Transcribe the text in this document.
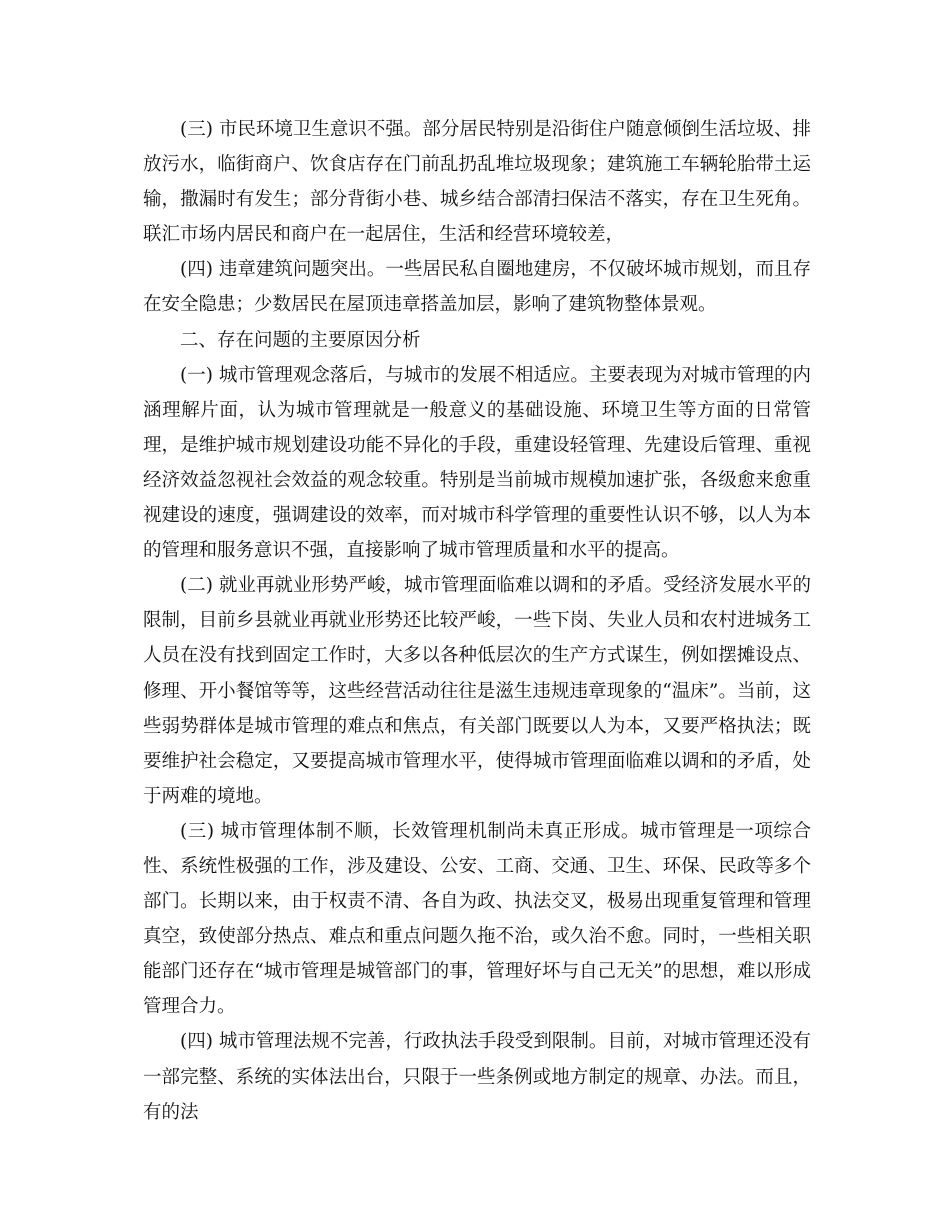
(三) 市民环境卫生意识不强。部分居民特别是沿街住户随意倾倒生活垃圾、排放污水，临街商户、饮食店存在门前乱扔乱堆垃圾现象；建筑施工车辆轮胎带土运输，撒漏时有发生；部分背街小巷、城乡结合部清扫保洁不落实，存在卫生死角。联汇市场内居民和商户在一起居住，生活和经营环境较差，

(四) 违章建筑问题突出。一些居民私自圈地建房，不仅破坏城市规划，而且存在安全隐患；少数居民在屋顶违章搭盖加层，影响了建筑物整体景观。

二、存在问题的主要原因分析

(一) 城市管理观念落后，与城市的发展不相适应。主要表现为对城市管理的内涵理解片面，认为城市管理就是一般意义的基础设施、环境卫生等方面的日常管理，是维护城市规划建设功能不异化的手段，重建设轻管理、先建设后管理、重视经济效益忽视社会效益的观念较重。特别是当前城市规模加速扩张，各级愈来愈重视建设的速度，强调建设的效率，而对城市科学管理的重要性认识不够，以人为本的管理和服务意识不强，直接影响了城市管理质量和水平的提高。

(二) 就业再就业形势严峻，城市管理面临难以调和的矛盾。受经济发展水平的限制，目前乡县就业再就业形势还比较严峻，一些下岗、失业人员和农村进城务工人员在没有找到固定工作时，大多以各种低层次的生产方式谋生，例如摆摊设点、修理、开小餐馆等等，这些经营活动往往是滋生违规违章现象的“温床”。当前，这些弱势群体是城市管理的难点和焦点，有关部门既要以人为本，又要严格执法；既要维护社会稳定，又要提高城市管理水平，使得城市管理面临难以调和的矛盾，处于两难的境地。

(三) 城市管理体制不顺，长效管理机制尚未真正形成。城市管理是一项综合性、系统性极强的工作，涉及建设、公安、工商、交通、卫生、环保、民政等多个部门。长期以来，由于权责不清、各自为政、执法交叉，极易出现重复管理和管理真空，致使部分热点、难点和重点问题久拖不治，或久治不愈。同时，一些相关职能部门还存在“城市管理是城管部门的事，管理好坏与自己无关”的思想，难以形成管理合力。

(四) 城市管理法规不完善，行政执法手段受到限制。目前，对城市管理还没有一部完整、系统的实体法出台，只限于一些条例或地方制定的规章、办法。而且，有的法
